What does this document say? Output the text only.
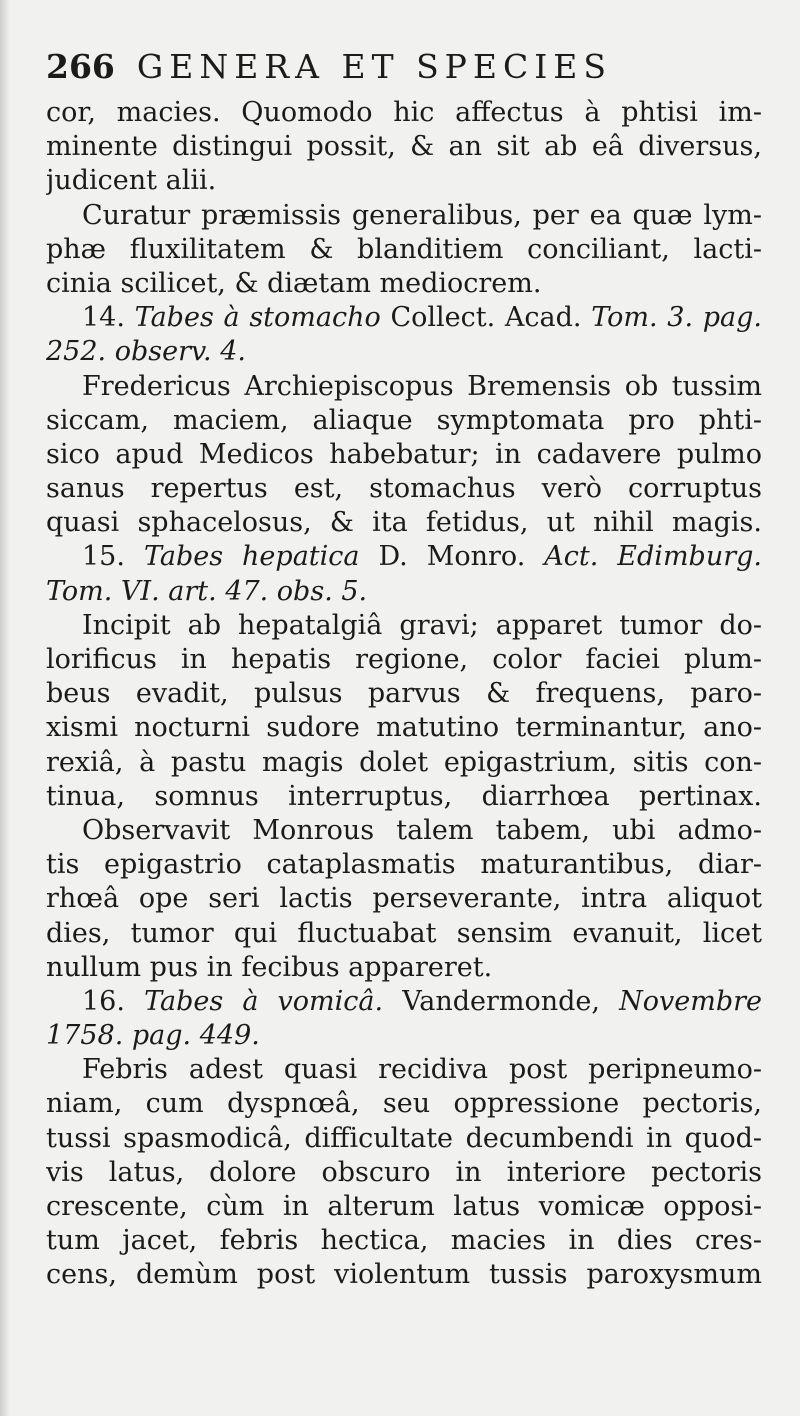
266 GENERA ET SPECIES
cor, macies. Quomodo hic affectus à phtisi im-
minente distingui possit, & an sit ab eâ diversus,
judicent alii.
Curatur præmissis generalibus, per ea quæ lym-
phæ fluxilitatem & blanditiem conciliant, lacti-
cinia scilicet, & diætam mediocrem.
14. Tabes à stomacho Collect. Acad. Tom. 3. pag.
252. observ. 4.
Fredericus Archiepiscopus Bremensis ob tussim
siccam, maciem, aliaque symptomata pro phti-
sico apud Medicos habebatur; in cadavere pulmo
sanus repertus est, stomachus verò corruptus
quasi sphacelosus, & ita fetidus, ut nihil magis.
15. Tabes hepatica D. Monro. Act. Edimburg.
Tom. VI. art. 47. obs. 5.
Incipit ab hepatalgiâ gravi; apparet tumor do-
lorificus in hepatis regione, color faciei plum-
beus evadit, pulsus parvus & frequens, paro-
xismi nocturni sudore matutino terminantur, ano-
rexiâ, à pastu magis dolet epigastrium, sitis con-
tinua, somnus interruptus, diarrhœa pertinax.
Observavit Monrous talem tabem, ubi admo-
tis epigastrio cataplasmatis maturantibus, diar-
rhœâ ope seri lactis perseverante, intra aliquot
dies, tumor qui fluctuabat sensim evanuit, licet
nullum pus in fecibus appareret.
16. Tabes à vomicâ. Vandermonde, Novembre
1758. pag. 449.
Febris adest quasi recidiva post peripneumo-
niam, cum dyspnœâ, seu oppressione pectoris,
tussi spasmodicâ, difficultate decumbendi in quod-
vis latus, dolore obscuro in interiore pectoris
crescente, cùm in alterum latus vomicæ opposi-
tum jacet, febris hectica, macies in dies cres-
cens, demùm post violentum tussis paroxysmum
